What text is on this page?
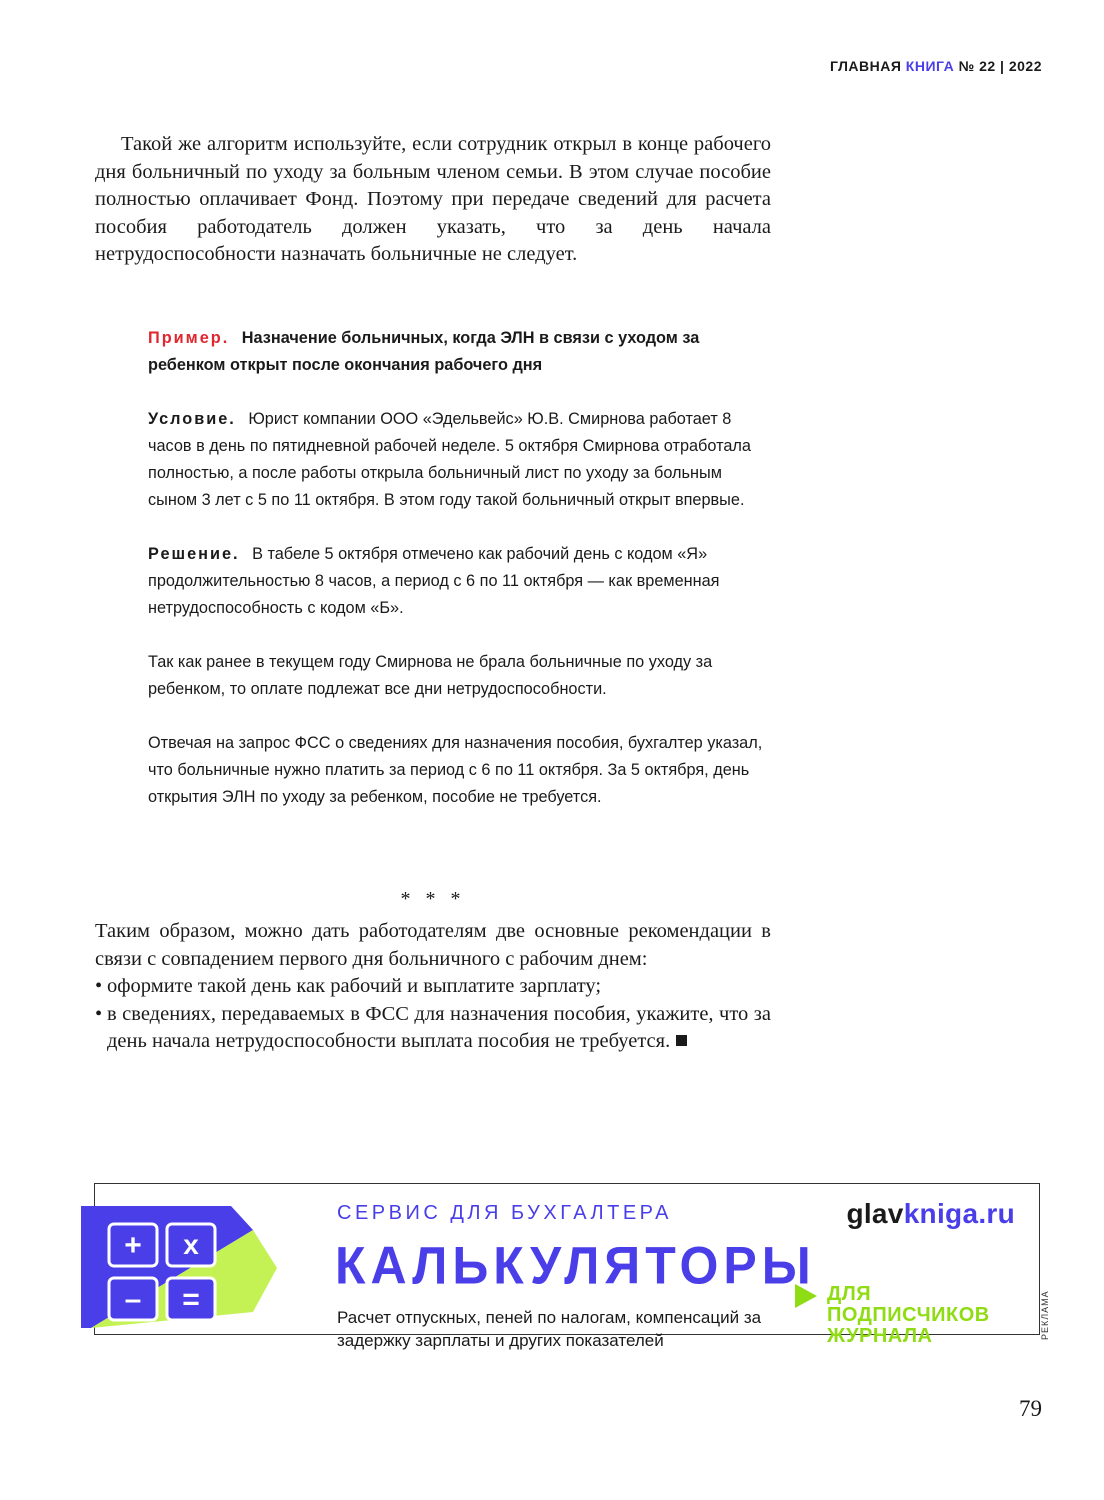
ГЛАВНАЯ КНИГА № 22 | 2022
Такой же алгоритм используйте, если сотрудник открыл в конце рабочего дня больничный по уходу за больным членом семьи. В этом случае пособие полностью оплачивает Фонд. Поэтому при передаче сведений для расчета пособия работодатель должен указать, что за день начала нетрудоспособности назначать больничные не следует.

Пример. Назначение больничных, когда ЭЛН в связи с уходом за ребенком открыт после окончания рабочего дня

Условие. Юрист компании ООО «Эдельвейс» Ю.В. Смирнова работает 8 часов в день по пятидневной рабочей неделе. 5 октября Смирнова отработала полностью, а после работы открыла больничный лист по уходу за больным сыном 3 лет с 5 по 11 октября. В этом году такой больничный открыт впервые.

Решение. В табеле 5 октября отмечено как рабочий день с кодом «Я» продолжительностью 8 часов, а период с 6 по 11 октября — как временная нетрудоспособность с кодом «Б».

Так как ранее в текущем году Смирнова не брала больничные по уходу за ребенком, то оплате подлежат все дни нетрудоспособности.

Отвечая на запрос ФСС о сведениях для назначения пособия, бухгалтер указал, что больничные нужно платить за период с 6 по 11 октября. За 5 октября, день открытия ЭЛН по уходу за ребенком, пособие не требуется.

* * *

Таким образом, можно дать работодателям две основные рекомендации в связи с совпадением первого дня больничного с рабочим днем:

• оформите такой день как рабочий и выплатите зарплату;
• в сведениях, передаваемых в ФСС для назначения пособия, укажите, что за день начала нетрудоспособности выплата пособия не требуется.
+ x
– =
СЕРВИС ДЛЯ БУХГАЛТЕРА
КАЛЬКУЛЯТОРЫ
Расчет отпускных, пеней по налогам, компенсаций за задержку зарплаты и других показателей
glavkniga.ru
ДЛЯ
ПОДПИСЧИКОВ
ЖУРНАЛА	РЕКЛАМА
79
